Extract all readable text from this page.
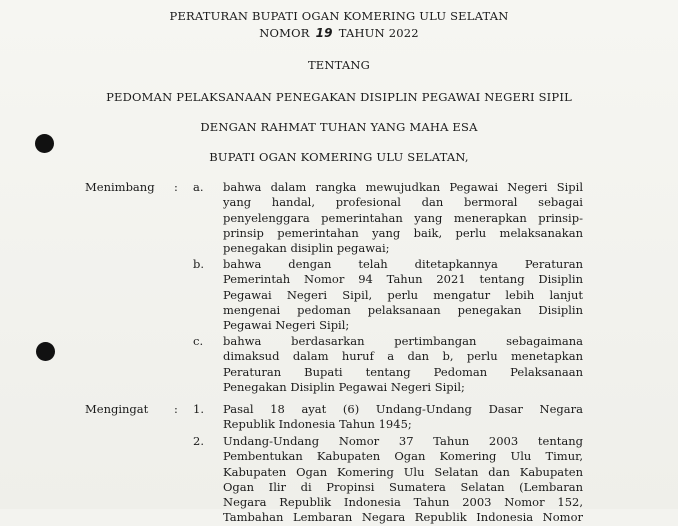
PERATURAN BUPATI OGAN KOMERING ULU SELATAN
NOMOR 19 TAHUN 2022
TENTANG
PEDOMAN PELAKSANAAN PENEGAKAN DISIPLIN PEGAWAI NEGERI SIPIL
DENGAN RAHMAT TUHAN YANG MAHA ESA
BUPATI OGAN KOMERING ULU SELATAN,
Menimbang : a. bahwa dalam rangka mewujudkan Pegawai Negeri Sipil
yang handal, profesional dan bermoral sebagai
penyelenggara pemerintahan yang menerapkan prinsip-
prinsip pemerintahan yang baik, perlu melaksanakan
penegakan disiplin pegawai;
b. bahwa dengan telah ditetapkannya Peraturan
Pemerintah Nomor 94 Tahun 2021 tentang Disiplin
Pegawai Negeri Sipil, perlu mengatur lebih lanjut
mengenai pedoman pelaksanaan penegakan Disiplin
Pegawai Negeri Sipil;
c. bahwa berdasarkan pertimbangan sebagaimana
dimaksud dalam huruf a dan b, perlu menetapkan
Peraturan Bupati tentang Pedoman Pelaksanaan
Penegakan Disiplin Pegawai Negeri Sipil;
Mengingat : 1. Pasal 18 ayat (6) Undang-Undang Dasar Negara
Republik Indonesia Tahun 1945;
2. Undang-Undang Nomor 37 Tahun 2003 tentang
Pembentukan Kabupaten Ogan Komering Ulu Timur,
Kabupaten Ogan Komering Ulu Selatan dan Kabupaten
Ogan Ilir di Propinsi Sumatera Selatan (Lembaran
Negara Republik Indonesia Tahun 2003 Nomor 152,
Tambahan Lembaran Negara Republik Indonesia Nomor
